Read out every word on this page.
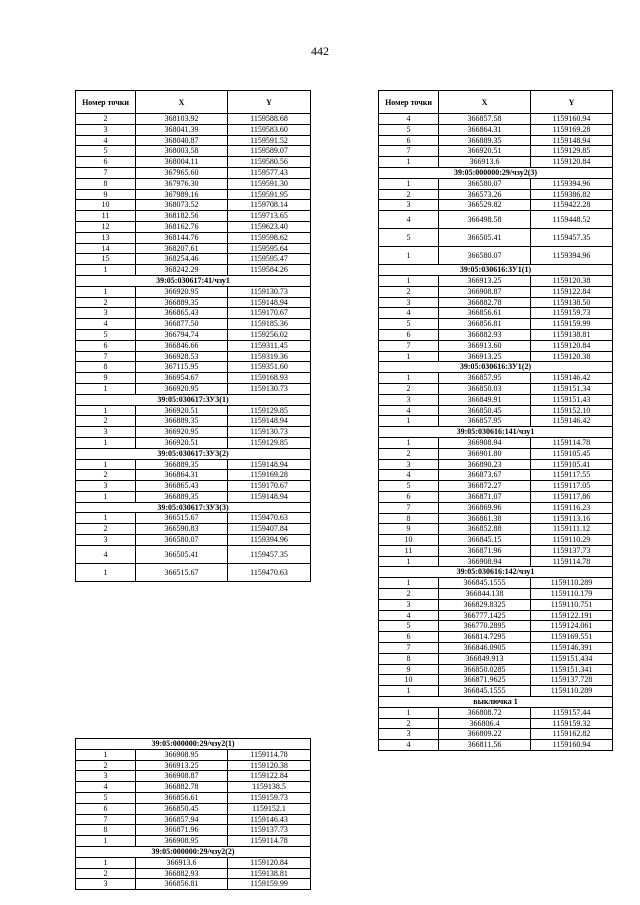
442
Номер точки	X	Y
2	368103.92	1159588.68
3	368041.39	1159583.60
4	368040.87	1159591.52
5	368003.58	1159589.07
6	368004.11	1159580.56
7	367965.60	1159577.43
8	367976.30	1159591.30
9	367989.16	1159591.95
10	368073.52	1159708.14
11	368182.56	1159713.65
12	368162.76	1159623.40
13	368144.76	1159598.62
14	368207.61	1159595.64
15	368254.46	1159595.47
1	368242.29	1159584.26
39:05:030617:41/чзу1		
1	366920.95	1159130.73
2	366889.35	1159148.94
3	366865.43	1159170.67
4	366877.50	1159185.36
5	366794.74	1159256.02
6	366846.66	1159311.45
7	366928.53	1159319.36
8	367115.95	1159351.60
9	366954.67	1159168.93
1	366920.95	1159130.73
39:05:030617:ЗУ3(1)		
1	366920.51	1159129.85
2	366889.35	1159148.94
3	366920.95	1159130.73
1	366920.51	1159129.85
39:05:030617:ЗУ3(2)		
1	366889.35	1159148.94
2	366864.31	1159169.28
3	366865.43	1159170.67
1	366889.35	1159148.94
39:05:030617:ЗУ3(3)		
1	366515.67	1159470.63
2	366590.83	1159407.84
3	366580.07	1159394.96
4	366505.41	1159457.35
1	366515.67	1159470.63
39:05:000000:29/чзу2(1)		
1	366908.95	1159114.78
2	366913.25	1159120.38
3	366908.87	1159122.84
4	366882.78	1159138.5
5	366856.61	1159159.73
6	366850.45	1159152.1
7	366857.94	1159146.43
8	366871.96	1159137.73
1	366908.95	1159114.78
39:05:000000:29/чзу2(2)		
1	366913.6	1159120.84
2	366882.93	1159138.81
3	366856.81	1159159.99
Номер точки	X	Y
4	366857.58	1159160.94
5	366864.31	1159169.28
6	366889.35	1159148.94
7	366920.51	1159129.85
1	366913.6	1159120.84
39:05:000000:29/чзу2(3)		
1	366580.07	1159394.96
2	366573.26	1159386.82
3	366529.82	1159422.28
4	366498.58	1159448.52
5	366505.41	1159457.35
1	366580.07	1159394.96
39:05:030616:ЗУ1(1)		
1	366913.25	1159120.38
2	366908.87	1159122.84
3	366882.78	1159138.50
4	366856.61	1159159.73
5	366856.81	1159159.99
6	366882.93	1159138.81
7	366913.60	1159120.84
1	366913.25	1159120.38
39:05:030616:ЗУ1(2)		
1	366857.95	1159146.42
2	366850.03	1159151.34
3	366849.91	1159151.43
4	366850.45	1159152.10
1	366857.95	1159146.42
39:05:030616:141/чзу1		
1	366908.94	1159114.78
2	366901.80	1159105.45
3	366890.23	1159105.41
4	366873.67	1159117.55
5	366872.27	1159117.05
6	366871.07	1159117.86
7	366869.96	1159116.23
8	366861.38	1159113.16
9	366852.88	1159111.12
10	366845.15	1159110.29
11	366871.96	1159137.73
1	366908.94	1159114.78
39:05:030616:142/чзу1		
1	366845.1555	1159110.289
2	366844.138	1159110.179
3	366829.8325	1159110.751
4	366777.1425	1159122.191
5	366770.2895	1159124.061
6	366814.7295	1159169.551
7	366846.0905	1159146.391
8	366849.913	1159151.434
9	366850.0285	1159151.341
10	366871.9625	1159137.728
1	366845.1555	1159110.289
выключка 1		
1	366808.72	1159157.44
2	366806.4	1159159.32
3	366809.22	1159162.82
4	366811.56	1159160.94
